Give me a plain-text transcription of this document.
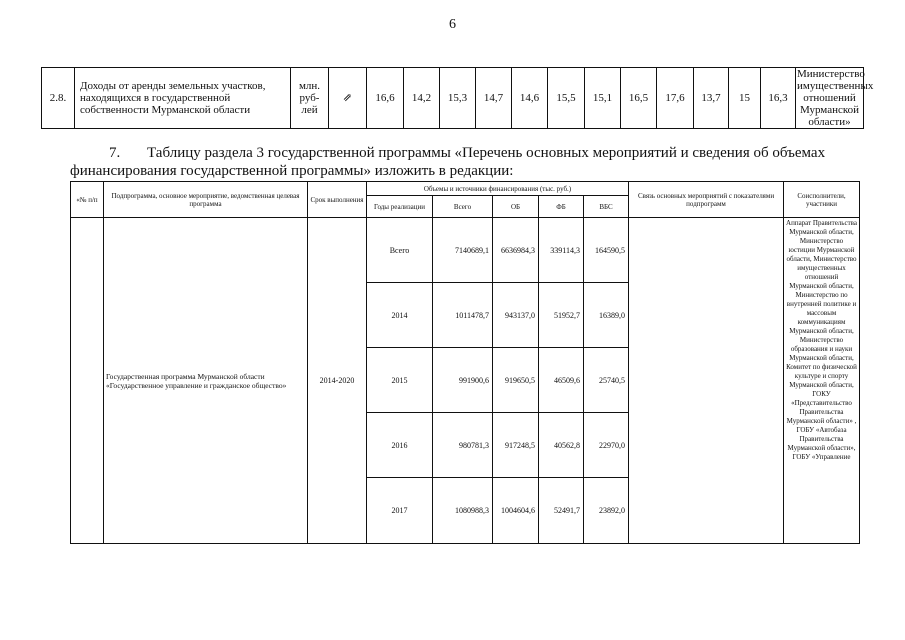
6
2.8.	Доходы от аренды земельных участков, находящихся в государственной собственности Мурманской области	млн. руб-лей	⇗	16,6	14,2	15,3	14,7	14,6	15,5	15,1	16,5	17,6	13,7	15	16,3	Министерство имущественных отношений Мурманской области»
7. Таблицу раздела 3 государственной программы «Перечень основных мероприятий и сведения об объемах
финансирования государственной программы» изложить в редакции:
«№ п/п	Подпрограмма, основное мероприятие, ведомственная целевая программа	Срок выполнения	Объемы и источники финансирования (тыс. руб.)					Связь основных мероприятий с показателями подпрограмм	Соисполнители, участники
			Годы реализации	Всего	ОБ	ФБ	ВБС		
	Государственная программа Мурманской области «Государственное управление и гражданское общество»	2014-2020	Всего	7140689,1	6636984,3	339114,3	164590,5		Аппарат Правительства Мурманской области, Министерство юстиции Мурманской области, Министерство имущественных отношений Мурманской области, Министерство по внутренней политике и массовым коммуникациям Мурманской области, Министерство образования и науки Мурманской области, Комитет по физической культуре и спорту Мурманской области, ГОКУ «Представительство Правительства Мурманской области» , ГОБУ «Автобаза Правительства Мурманской области», ГОБУ «Управление
			2014	1011478,7	943137,0	51952,7	16389,0		
			2015	991900,6	919650,5	46509,6	25740,5		
			2016	980781,3	917248,5	40562,8	22970,0		
			2017	1080988,3	1004604,6	52491,7	23892,0		
